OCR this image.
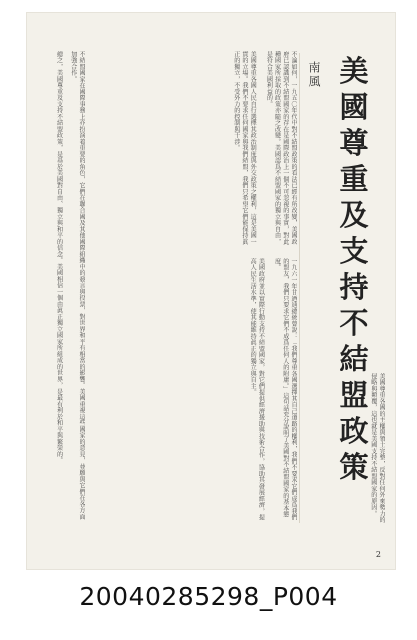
美
國
尊
重
及
支
持
不
結
盟
政
策
南風

不論如何，一九五〇年代中對不結盟政策的看法已經有所改變，美國政府已認識到不結盟國家的存在是國際政治上一個不可忽視的事實，對此種國家所採取的政策亦隨之改變。美國認爲不結盟國家的獨立與自由，是符合美國利益的。

美國尊重各國人民自行選擇其政治制度與外交政策之權利，這是美國一貫的立場。我們不要求任何國家與我們結盟，我們只希望它們能保持眞正的獨立，不受外力的控制與干涉。

一九六一年甘迺迪總統曾說：「我們尊重各國選擇其自己道路的權利，我們不要求它們成爲我們的盟友，我們只要求它們不成爲任何人的附庸。」這句話充分說明了美國對不結盟國家的基本態度。

美國政府並以實際行動支持不結盟國家，對它們提供經濟援助與技術合作，協助其發展經濟，提高人民生活水準，使其能維持眞正的獨立與自主。

美國尊重各國的主權與領土完整，反對任何外來勢力的侵略與顛覆，這也就是美國支持不結盟國家的原因。

不結盟國家在國際事務上亦扮演着重要的角色，它們在聯合國及其他國際組織中的發言與投票，對世界和平有相當的影響。美國重視這些國家的意見，並願與它們在各方面加強合作。

總之，美國尊重及支持不結盟政策，是基於美國對自由、獨立與和平的信念。美國相信一個由眞正獨立國家所組成的世界，是最有利於和平與繁榮的。

2
20040285298_P004
